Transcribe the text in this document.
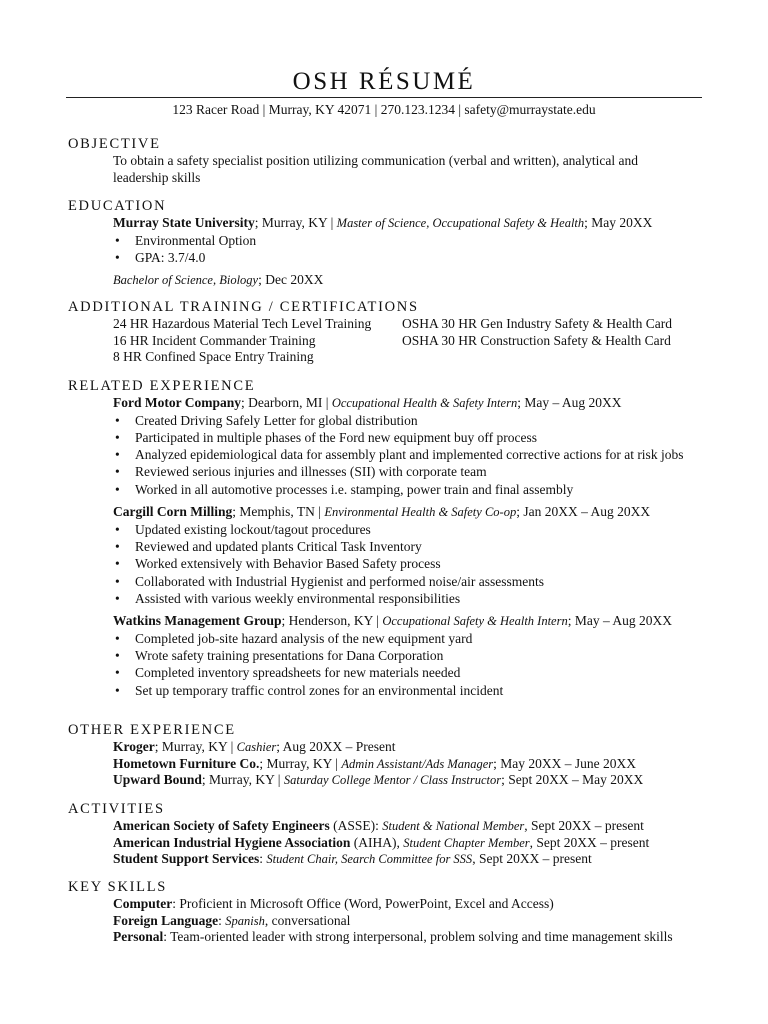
OSH RÉSUMÉ
123 Racer Road | Murray, KY 42071 | 270.123.1234 | safety@murraystate.edu
OBJECTIVE
To obtain a safety specialist position utilizing communication (verbal and written), analytical and
leadership skills
EDUCATION
Murray State University; Murray, KY | Master of Science, Occupational Safety & Health; May 20XX
• Environmental Option
• GPA: 3.7/4.0
Bachelor of Science, Biology; Dec 20XX
ADDITIONAL TRAINING / CERTIFICATIONS
24 HR Hazardous Material Tech Level Training
16 HR Incident Commander Training
8 HR Confined Space Entry Training
OSHA 30 HR Gen Industry Safety & Health Card
OSHA 30 HR Construction Safety & Health Card
RELATED EXPERIENCE
Ford Motor Company; Dearborn, MI | Occupational Health & Safety Intern; May – Aug 20XX
• Created Driving Safely Letter for global distribution
• Participated in multiple phases of the Ford new equipment buy off process
• Analyzed epidemiological data for assembly plant and implemented corrective actions for at risk jobs
• Reviewed serious injuries and illnesses (SII) with corporate team
• Worked in all automotive processes i.e. stamping, power train and final assembly
Cargill Corn Milling; Memphis, TN | Environmental Health & Safety Co-op; Jan 20XX – Aug 20XX
• Updated existing lockout/tagout procedures
• Reviewed and updated plants Critical Task Inventory
• Worked extensively with Behavior Based Safety process
• Collaborated with Industrial Hygienist and performed noise/air assessments
• Assisted with various weekly environmental responsibilities
Watkins Management Group; Henderson, KY | Occupational Safety & Health Intern; May – Aug 20XX
• Completed job-site hazard analysis of the new equipment yard
• Wrote safety training presentations for Dana Corporation
• Completed inventory spreadsheets for new materials needed
• Set up temporary traffic control zones for an environmental incident
OTHER EXPERIENCE
Kroger; Murray, KY | Cashier; Aug 20XX – Present
Hometown Furniture Co.; Murray, KY | Admin Assistant/Ads Manager; May 20XX – June 20XX
Upward Bound; Murray, KY | Saturday College Mentor / Class Instructor; Sept 20XX – May 20XX
ACTIVITIES
American Society of Safety Engineers (ASSE): Student & National Member, Sept 20XX – present
American Industrial Hygiene Association (AIHA), Student Chapter Member, Sept 20XX – present
Student Support Services: Student Chair, Search Committee for SSS, Sept 20XX – present
KEY SKILLS
Computer: Proficient in Microsoft Office (Word, PowerPoint, Excel and Access)
Foreign Language: Spanish, conversational
Personal: Team-oriented leader with strong interpersonal, problem solving and time management skills
